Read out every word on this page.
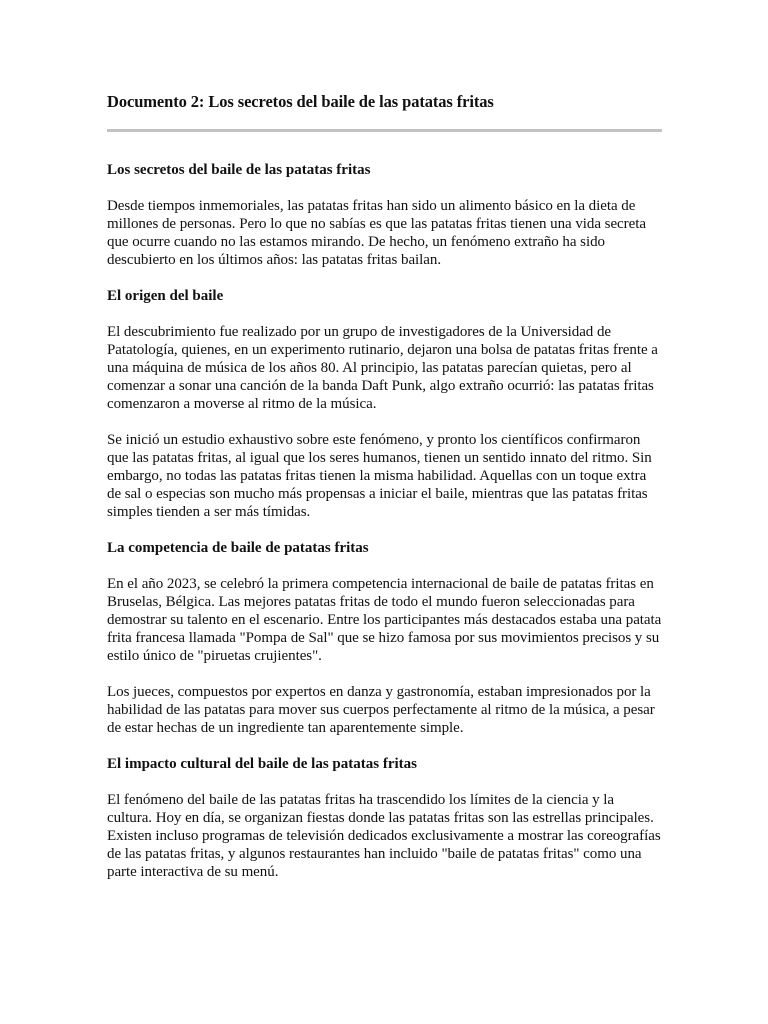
Documento 2: Los secretos del baile de las patatas fritas
Los secretos del baile de las patatas fritas

Desde tiempos inmemoriales, las patatas fritas han sido un alimento básico en la dieta de millones de personas. Pero lo que no sabías es que las patatas fritas tienen una vida secreta que ocurre cuando no las estamos mirando. De hecho, un fenómeno extraño ha sido descubierto en los últimos años: las patatas fritas bailan.

El origen del baile

El descubrimiento fue realizado por un grupo de investigadores de la Universidad de Patatología, quienes, en un experimento rutinario, dejaron una bolsa de patatas fritas frente a una máquina de música de los años 80. Al principio, las patatas parecían quietas, pero al comenzar a sonar una canción de la banda Daft Punk, algo extraño ocurrió: las patatas fritas comenzaron a moverse al ritmo de la música.

Se inició un estudio exhaustivo sobre este fenómeno, y pronto los científicos confirmaron que las patatas fritas, al igual que los seres humanos, tienen un sentido innato del ritmo. Sin embargo, no todas las patatas fritas tienen la misma habilidad. Aquellas con un toque extra de sal o especias son mucho más propensas a iniciar el baile, mientras que las patatas fritas simples tienden a ser más tímidas.

La competencia de baile de patatas fritas

En el año 2023, se celebró la primera competencia internacional de baile de patatas fritas en Bruselas, Bélgica. Las mejores patatas fritas de todo el mundo fueron seleccionadas para demostrar su talento en el escenario. Entre los participantes más destacados estaba una patata frita francesa llamada "Pompa de Sal" que se hizo famosa por sus movimientos precisos y su estilo único de "piruetas crujientes".

Los jueces, compuestos por expertos en danza y gastronomía, estaban impresionados por la habilidad de las patatas para mover sus cuerpos perfectamente al ritmo de la música, a pesar de estar hechas de un ingrediente tan aparentemente simple.

El impacto cultural del baile de las patatas fritas

El fenómeno del baile de las patatas fritas ha trascendido los límites de la ciencia y la cultura. Hoy en día, se organizan fiestas donde las patatas fritas son las estrellas principales. Existen incluso programas de televisión dedicados exclusivamente a mostrar las coreografías de las patatas fritas, y algunos restaurantes han incluido "baile de patatas fritas" como una parte interactiva de su menú.
